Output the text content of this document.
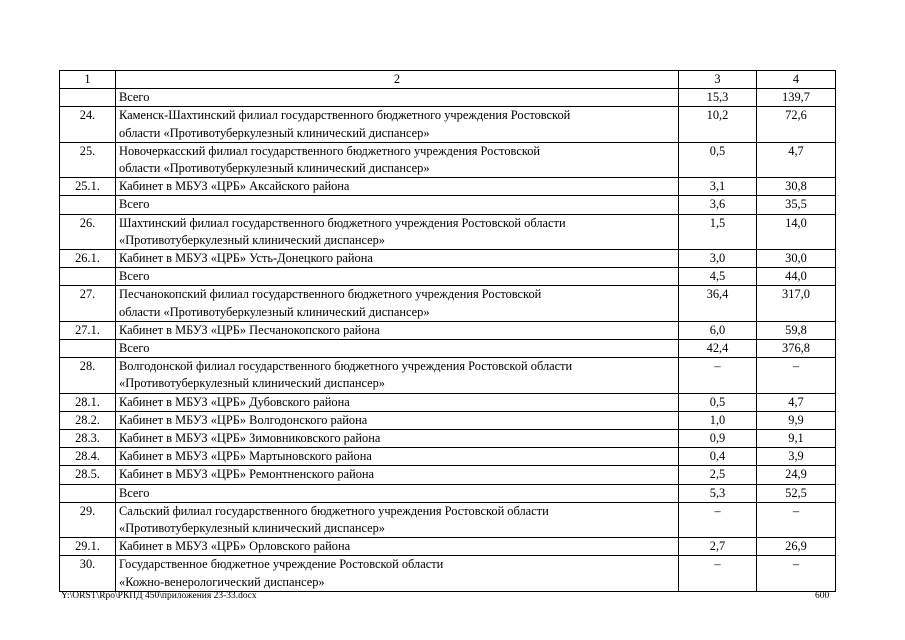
1	2	3	4

	Всего	15,3	139,7
24.	Каменск-Шахтинский филиал государственного бюджетного учреждения Ростовской
области «Противотуберкулезный клинический диспансер»	10,2	72,6
25.	Новочеркасский филиал государственного бюджетного учреждения Ростовской
области «Противотуберкулезный клинический диспансер»	0,5	4,7
25.1.	Кабинет в МБУЗ «ЦРБ» Аксайского района	3,1	30,8

	Всего	3,6	35,5
26.	Шахтинский филиал государственного бюджетного учреждения Ростовской области
«Противотуберкулезный клинический диспансер»	1,5	14,0
26.1.	Кабинет в МБУЗ «ЦРБ» Усть-Донецкого района	3,0	30,0

	Всего	4,5	44,0
27.	Песчанокопский филиал государственного бюджетного учреждения Ростовской
области «Противотуберкулезный клинический диспансер»	36,4	317,0
27.1.	Кабинет в МБУЗ «ЦРБ» Песчанокопского района	6,0	59,8

	Всего	42,4	376,8
28.	Волгодонской филиал государственного бюджетного учреждения Ростовской области
«Противотуберкулезный клинический диспансер»	–	–
28.1.	Кабинет в МБУЗ «ЦРБ» Дубовского района	0,5	4,7
28.2.	Кабинет в МБУЗ «ЦРБ» Волгодонского района	1,0	9,9
28.3.	Кабинет в МБУЗ «ЦРБ» Зимовниковского района	0,9	9,1
28.4.	Кабинет в МБУЗ «ЦРБ» Мартыновского района	0,4	3,9
28.5.	Кабинет в МБУЗ «ЦРБ» Ремонтненского района	2,5	24,9

	Всего	5,3	52,5
29.	Сальский филиал государственного бюджетного учреждения Ростовской области
«Противотуберкулезный клинический диспансер»	–	–
29.1.	Кабинет в МБУЗ «ЦРБ» Орловского района	2,7	26,9
30.	Государственное бюджетное учреждение Ростовской области
«Кожно-венерологический диспансер»	–	–
Y:\ORST\Rpo\РКПД 450\приложения 23-33.docx	600
